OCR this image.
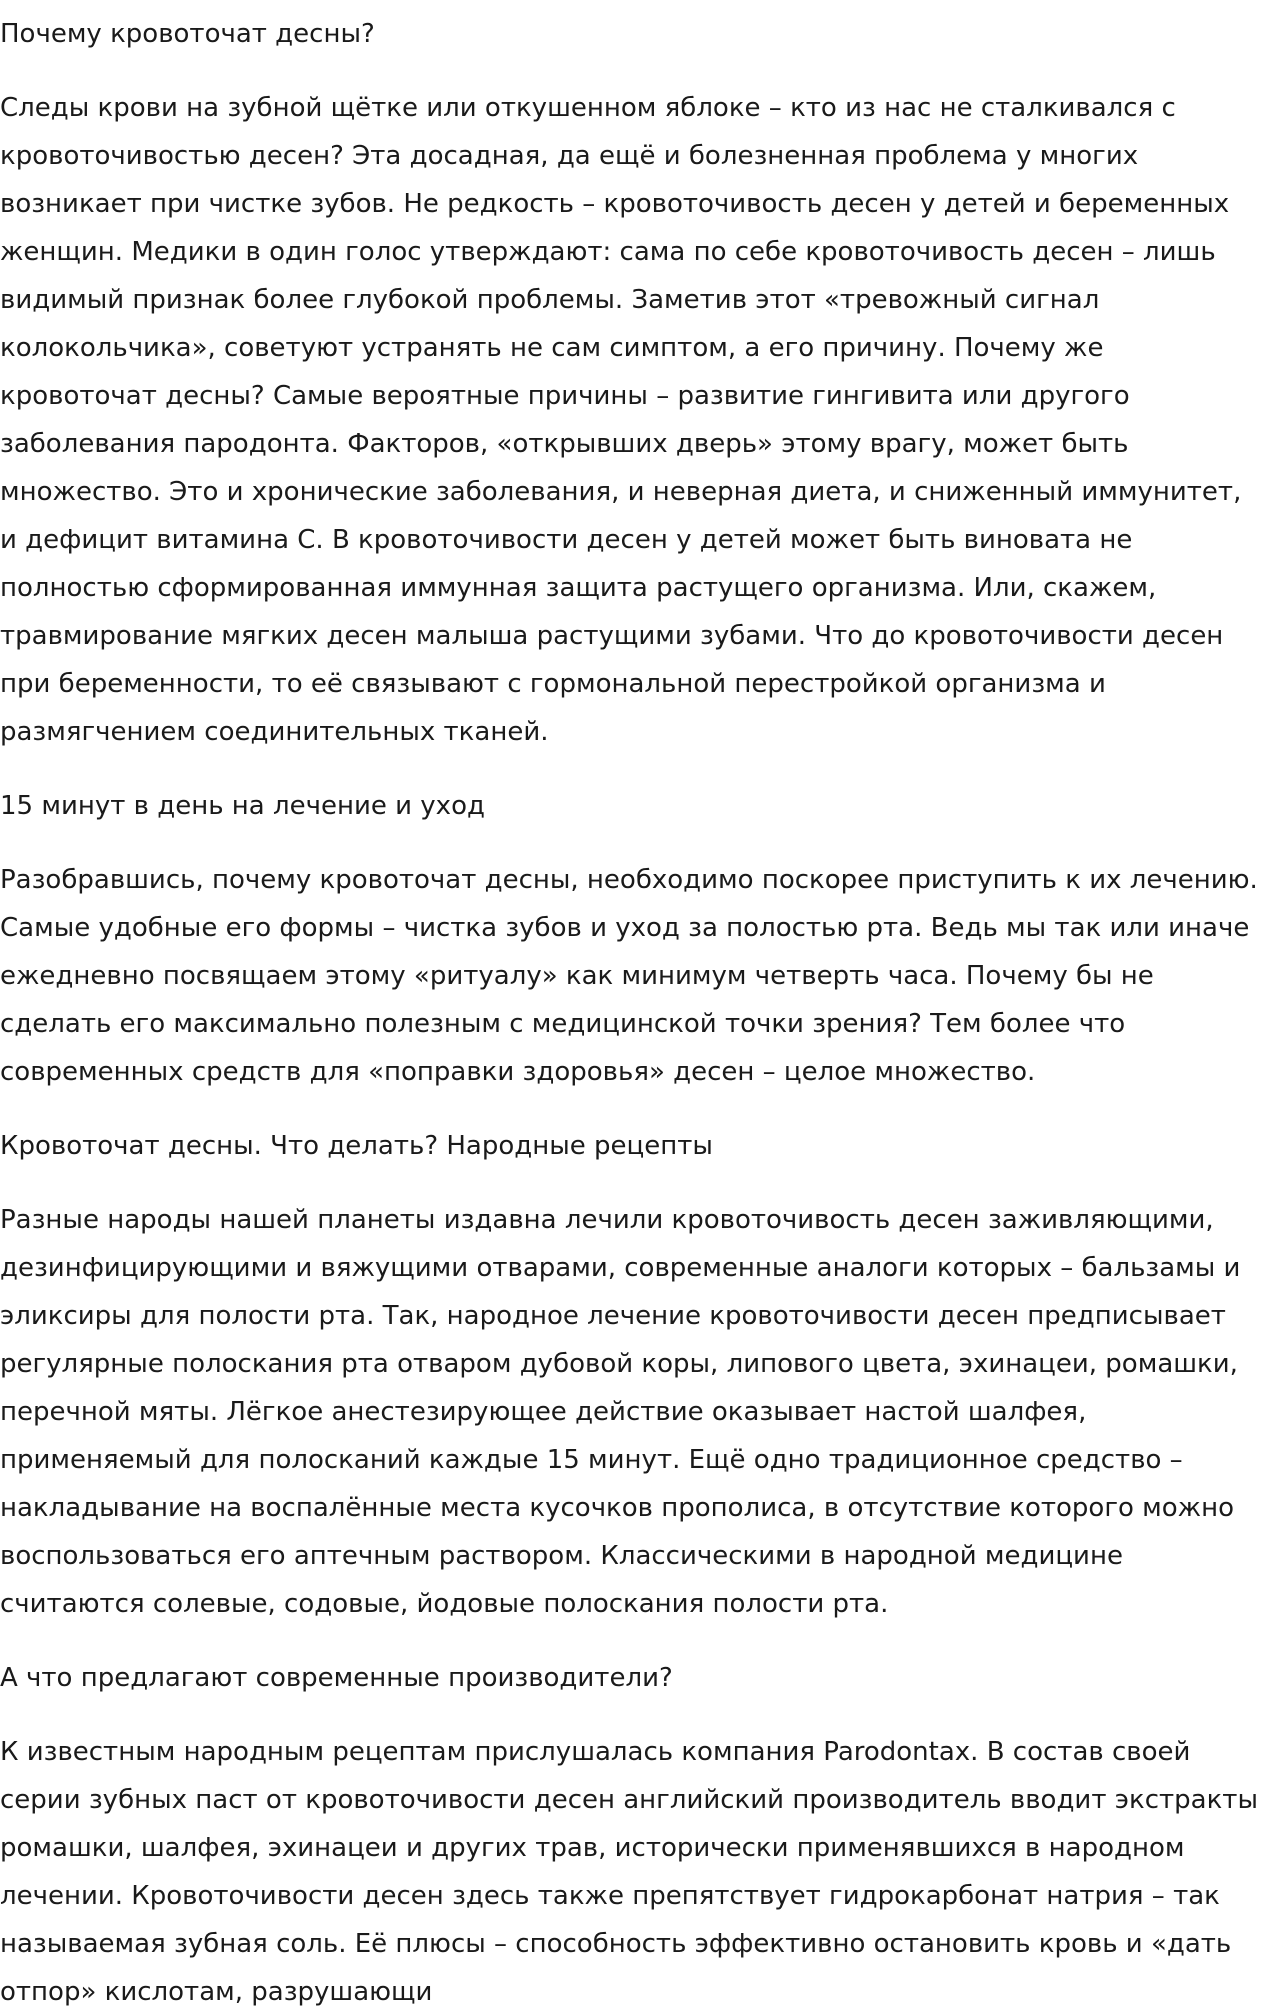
Почему кровоточат десны?

Следы крови на зубной щётке или откушенном яблоке – кто из нас не сталкивался с кровоточивостью десен? Эта досадная, да ещё и болезненная проблема у многих возникает при чистке зубов. Не редкость – кровоточивость десен у детей и беременных женщин. Медики в один голос утверждают: сама по себе кровоточивость десен – лишь видимый признак более глубокой проблемы. Заметив этот «тревожный сигнал колокольчика», советуют устранять не сам симптом, а его причину. Почему же кровоточат десны? Самые вероятные причины – развитие гингивита или другого заболевания пародонта. Факторов, «открывших дверь» этому врагу, может быть множество. Это и хронические заболевания, и неверная диета, и сниженный иммунитет, и дефицит витамина С. В кровоточивости десен у детей может быть виновата не полностью сформированная иммунная защита растущего организма. Или, скажем, травмирование мягких десен малыша растущими зубами. Что до кровоточивости десен при беременности, то её связывают с гормональной перестройкой организма и размягчением соединительных тканей.

15 минут в день на лечение и уход

Разобравшись, почему кровоточат десны, необходимо поскорее приступить к их лечению. Самые удобные его формы – чистка зубов и уход за полостью рта. Ведь мы так или иначе ежедневно посвящаем этому «ритуалу» как минимум четверть часа. Почему бы не сделать его максимально полезным с медицинской точки зрения? Тем более что современных средств для «поправки здоровья» десен – целое множество.

Кровоточат десны. Что делать? Народные рецепты

Разные народы нашей планеты издавна лечили кровоточивость десен заживляющими, дезинфицирующими и вяжущими отварами, современные аналоги которых – бальзамы и эликсиры для полости рта. Так, народное лечение кровоточивости десен предписывает регулярные полоскания рта отваром дубовой коры, липового цвета, эхинацеи, ромашки, перечной мяты. Лёгкое анестезирующее действие оказывает настой шалфея, применяемый для полосканий каждые 15 минут. Ещё одно традиционное средство – накладывание на воспалённые места кусочков прополиса, в отсутствие которого можно воспользоваться его аптечным раствором. Классическими в народной медицине считаются солевые, содовые, йодовые полоскания полости рта.

А что предлагают современные производители?

К известным народным рецептам прислушалась компания Parodontax. В состав своей серии зубных паст от кровоточивости десен английский производитель вводит экстракты ромашки, шалфея, эхинацеи и других трав, исторически применявшихся в народном лечении. Кровоточивости десен здесь также препятствует гидрокарбонат натрия – так называемая зубная соль. Её плюсы – способность эффективно остановить кровь и «дать отпор» кислотам, разрушающи
